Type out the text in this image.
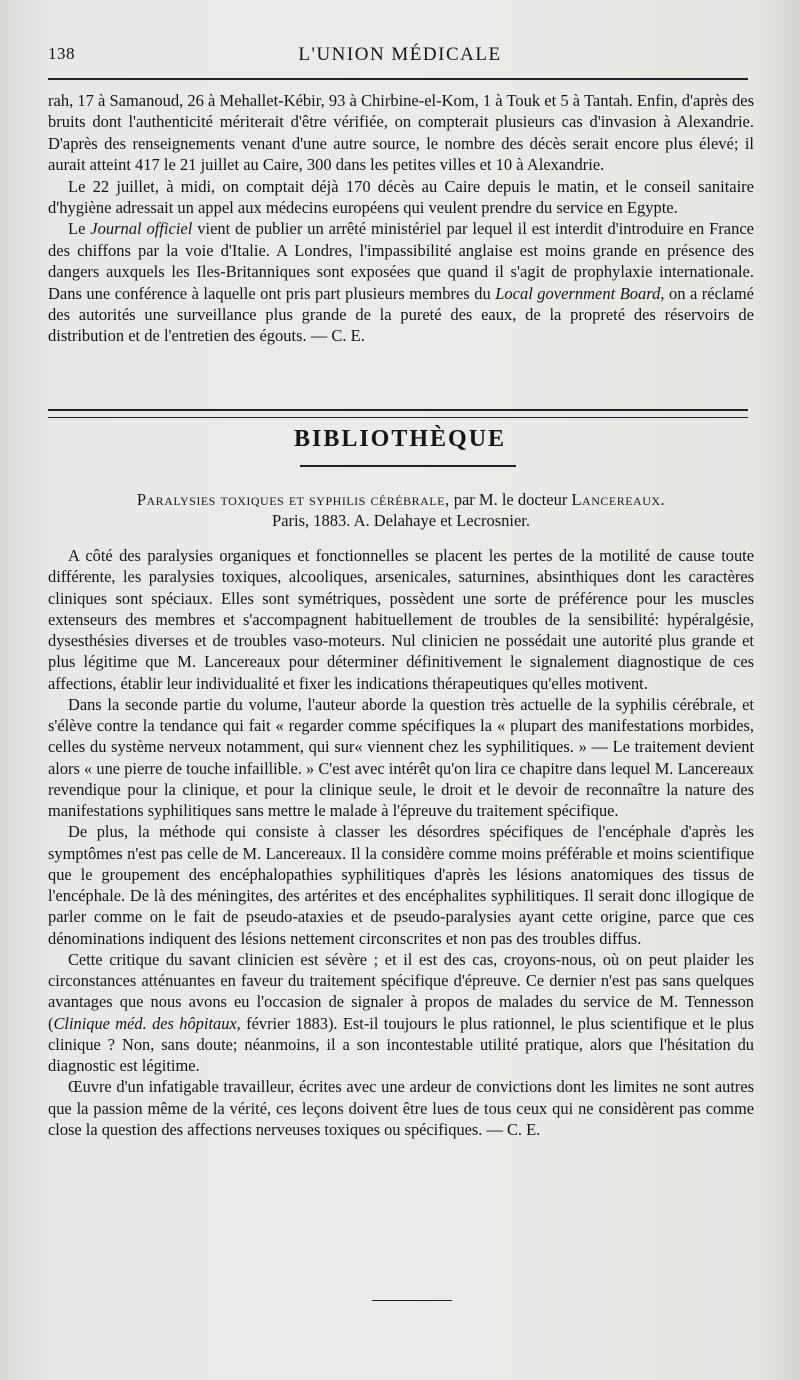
138	L'UNION MÉDICALE

rah, 17 à Samanoud, 26 à Mehallet-Kébir, 93 à Chirbine-el-Kom, 1 à Touk et 5 à Tantah. Enfin, d'après des bruits dont l'authenticité mériterait d'être vérifiée, on compterait plusieurs cas d'invasion à Alexandrie. D'après des renseignements venant d'une autre source, le nombre des décès serait encore plus élevé; il aurait atteint 417 le 21 juillet au Caire, 300 dans les petites villes et 10 à Alexandrie.

Le 22 juillet, à midi, on comptait déjà 170 décès au Caire depuis le matin, et le conseil sanitaire d'hygiène adressait un appel aux médecins européens qui veulent prendre du service en Egypte.

Le Journal officiel vient de publier un arrêté ministériel par lequel il est interdit d'introduire en France des chiffons par la voie d'Italie. A Londres, l'impassibilité anglaise est moins grande en présence des dangers auxquels les Iles-Britanniques sont exposées que quand il s'agit de prophylaxie internationale. Dans une conférence à laquelle ont pris part plusieurs membres du Local government Board, on a réclamé des autorités une surveillance plus grande de la pureté des eaux, de la propreté des réservoirs de distribution et de l'entretien des égouts. — C. E.

BIBLIOTHÈQUE
Paralysies toxiques et syphilis cérébrale, par M. le docteur Lancereaux.
Paris, 1883. A. Delahaye et Lecrosnier.

A côté des paralysies organiques et fonctionnelles se placent les pertes de la motilité de cause toute différente, les paralysies toxiques, alcooliques, arsenicales, saturnines, absinthiques dont les caractères cliniques sont spéciaux. Elles sont symétriques, possèdent une sorte de préférence pour les muscles extenseurs des membres et s'accompagnent habituellement de troubles de la sensibilité: hypéralgésie, dysesthésies diverses et de troubles vaso-moteurs. Nul clinicien ne possédait une autorité plus grande et plus légitime que M. Lancereaux pour déterminer définitivement le signalement diagnostique de ces affections, établir leur individualité et fixer les indications thérapeutiques qu'elles motivent.

Dans la seconde partie du volume, l'auteur aborde la question très actuelle de la syphilis cérébrale, et s'élève contre la tendance qui fait « regarder comme spécifiques la « plupart des manifestations morbides, celles du système nerveux notamment, qui sur« viennent chez les syphilitiques. » — Le traitement devient alors « une pierre de touche infaillible. » C'est avec intérêt qu'on lira ce chapitre dans lequel M. Lancereaux revendique pour la clinique, et pour la clinique seule, le droit et le devoir de reconnaître la nature des manifestations syphilitiques sans mettre le malade à l'épreuve du traitement spécifique.

De plus, la méthode qui consiste à classer les désordres spécifiques de l'encéphale d'après les symptômes n'est pas celle de M. Lancereaux. Il la considère comme moins préférable et moins scientifique que le groupement des encéphalopathies syphilitiques d'après les lésions anatomiques des tissus de l'encéphale. De là des méningites, des artérites et des encéphalites syphilitiques. Il serait donc illogique de parler comme on le fait de pseudo-ataxies et de pseudo-paralysies ayant cette origine, parce que ces dénominations indiquent des lésions nettement circonscrites et non pas des troubles diffus.

Cette critique du savant clinicien est sévère ; et il est des cas, croyons-nous, où on peut plaider les circonstances atténuantes en faveur du traitement spécifique d'épreuve. Ce dernier n'est pas sans quelques avantages que nous avons eu l'occasion de signaler à propos de malades du service de M. Tennesson (Clinique méd. des hôpitaux, février 1883). Est-il toujours le plus rationnel, le plus scientifique et le plus clinique ? Non, sans doute; néanmoins, il a son incontestable utilité pratique, alors que l'hésitation du diagnostic est légitime.

Œuvre d'un infatigable travailleur, écrites avec une ardeur de convictions dont les limites ne sont autres que la passion même de la vérité, ces leçons doivent être lues de tous ceux qui ne considèrent pas comme close la question des affections nerveuses toxiques ou spécifiques. — C. E.
